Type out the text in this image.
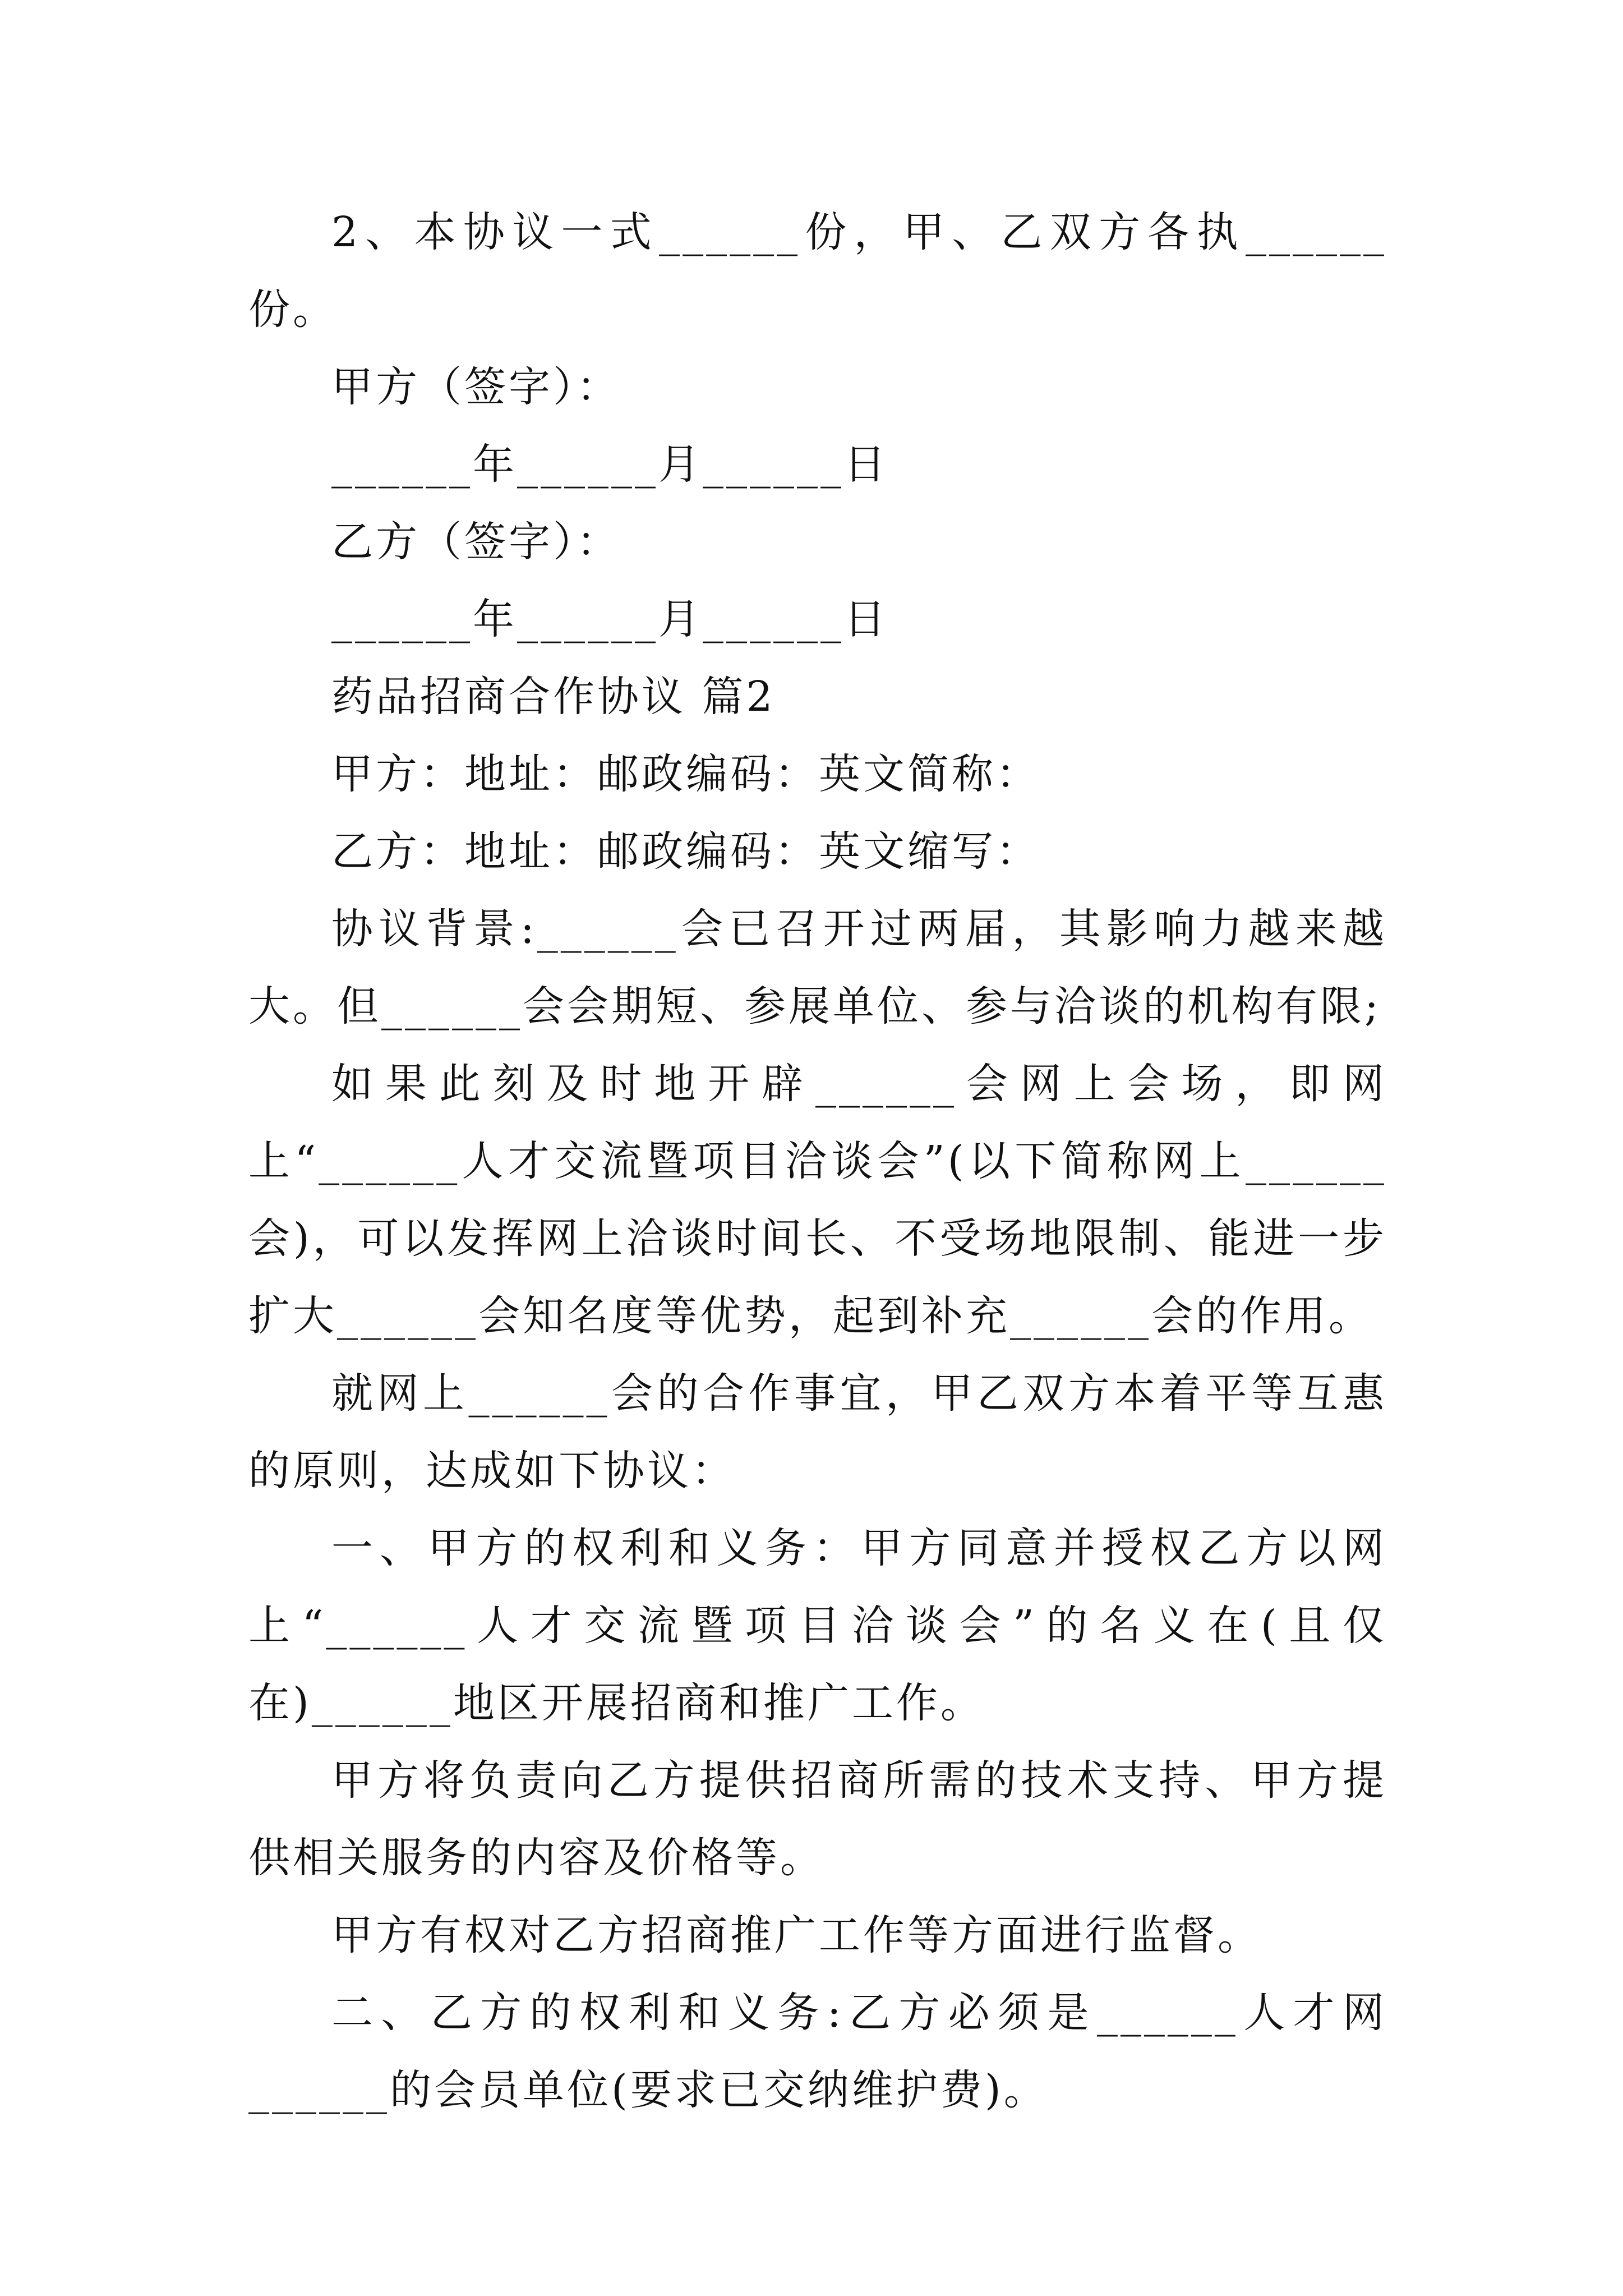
2、本协议一式______份，甲、乙双方各执______份。

甲方（签字）：

______年______月______日

乙方（签字）：

______年______月______日

药品招商合作协议 篇2

甲方：地址：邮政编码：英文简称：

乙方：地址：邮政编码：英文缩写：

协议背景:______会已召开过两届，其影响力越来越大。但______会会期短、参展单位、参与洽谈的机构有限;

如果此刻及时地开辟______会网上会场，即网上“______人才交流暨项目洽谈会”(以下简称网上______会)，可以发挥网上洽谈时间长、不受场地限制、能进一步扩大______会知名度等优势，起到补充______会的作用。

就网上______会的合作事宜，甲乙双方本着平等互惠的原则，达成如下协议：

一、甲方的权利和义务：甲方同意并授权乙方以网上“______人才交流暨项目洽谈会”的名义在(且仅在)______地区开展招商和推广工作。

甲方将负责向乙方提供招商所需的技术支持、甲方提供相关服务的内容及价格等。

甲方有权对乙方招商推广工作等方面进行监督。

二、乙方的权利和义务:乙方必须是______人才网______的会员单位(要求已交纳维护费)。
